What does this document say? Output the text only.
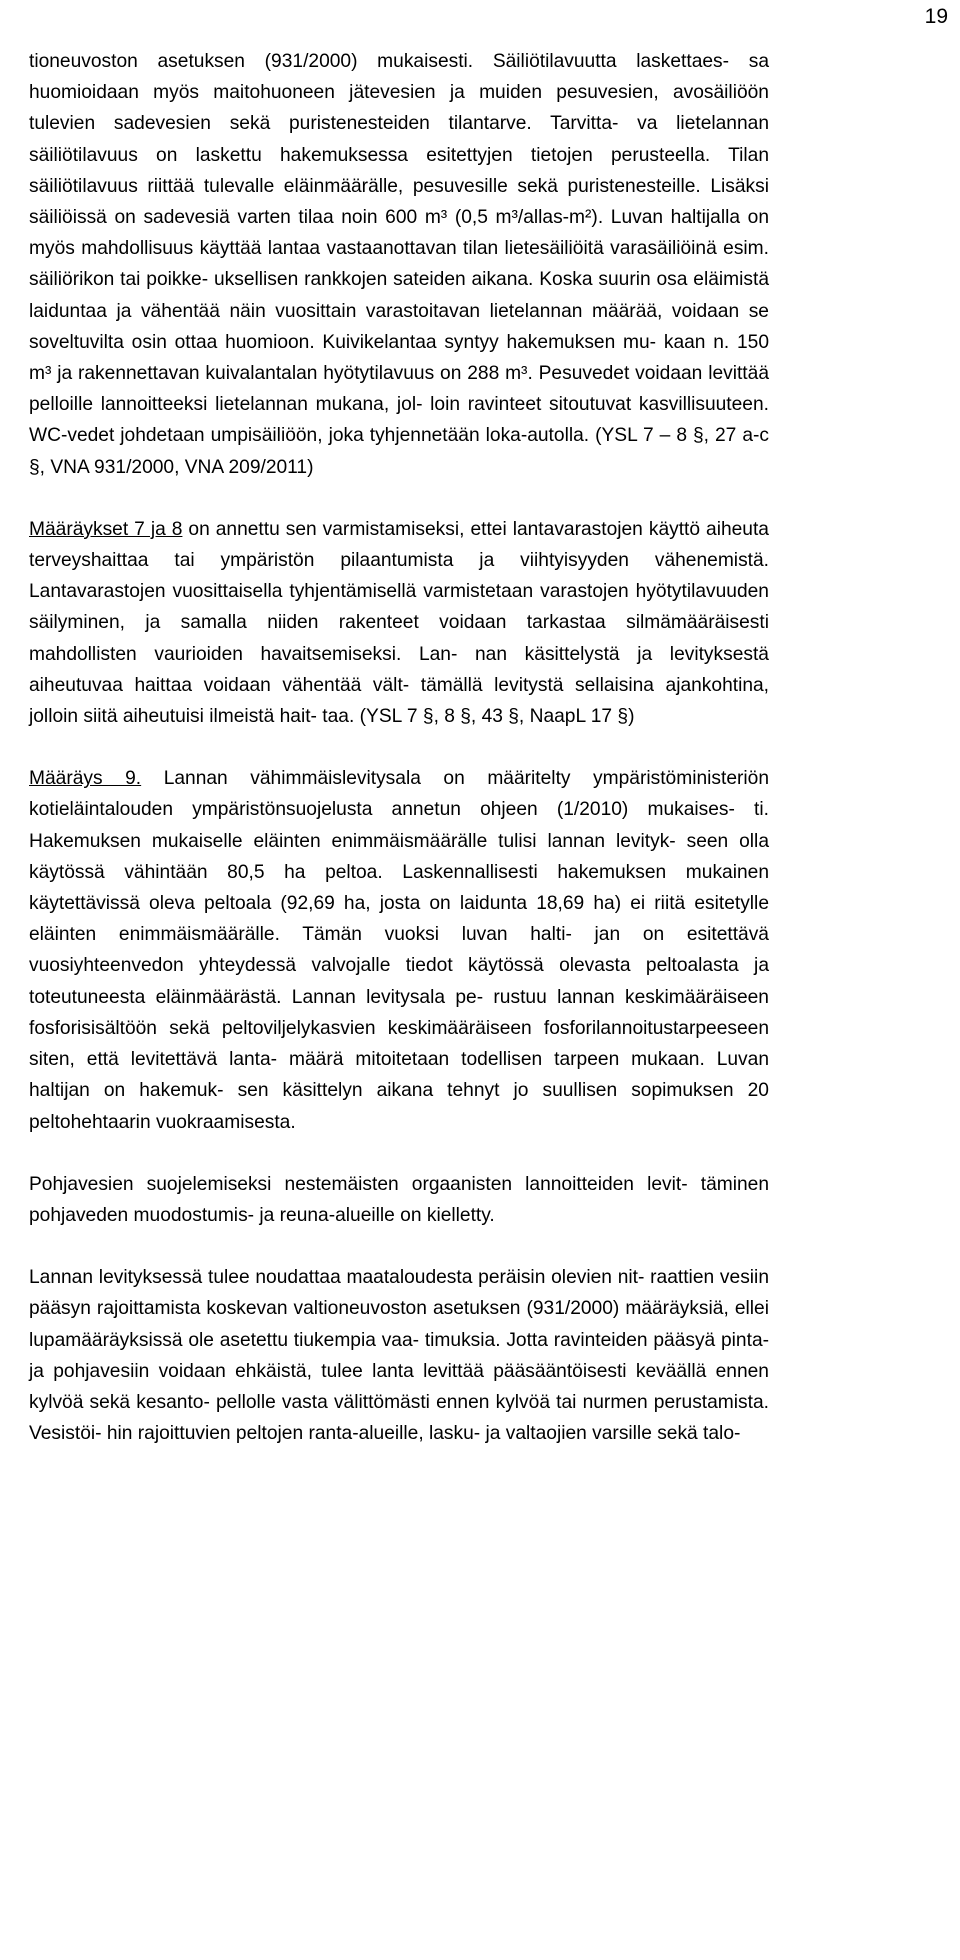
19

tioneuvoston asetuksen (931/2000) mukaisesti. Säiliötilavuutta laskettaes- sa huomioidaan myös maitohuoneen jätevesien ja muiden pesuvesien, avosäiliöön tulevien sadevesien sekä puristenesteiden tilantarve. Tarvitta- va lietelannan säiliötilavuus on laskettu hakemuksessa esitettyjen tietojen perusteella. Tilan säiliötilavuus riittää tulevalle eläinmäärälle, pesuvesille sekä puristenesteille. Lisäksi säiliöissä on sadevesiä varten tilaa noin 600 m³ (0,5 m³/allas-m²). Luvan haltijalla on myös mahdollisuus käyttää lantaa vastaanottavan tilan lietesäiliöitä varasäiliöinä esim. säiliörikon tai poikke- uksellisen rankkojen sateiden aikana. Koska suurin osa eläimistä laiduntaa ja vähentää näin vuosittain varastoitavan lietelannan määrää, voidaan se soveltuvilta osin ottaa huomioon. Kuivikelantaa syntyy hakemuksen mu- kaan n. 150 m³ ja rakennettavan kuivalantalan hyötytilavuus on 288 m³. Pesuvedet voidaan levittää pelloille lannoitteeksi lietelannan mukana, jol- loin ravinteet sitoutuvat kasvillisuuteen. WC-vedet johdetaan umpisäiliöön, joka tyhjennetään loka-autolla. (YSL 7 – 8 §, 27 a-c §, VNA 931/2000, VNA 209/2011)

Määräykset 7 ja 8 on annettu sen varmistamiseksi, ettei lantavarastojen käyttö aiheuta terveyshaittaa tai ympäristön pilaantumista ja viihtyisyyden vähenemistä. Lantavarastojen vuosittaisella tyhjentämisellä varmistetaan varastojen hyötytilavuuden säilyminen, ja samalla niiden rakenteet voidaan tarkastaa silmämääräisesti mahdollisten vaurioiden havaitsemiseksi. Lan- nan käsittelystä ja levityksestä aiheutuvaa haittaa voidaan vähentää vält- tämällä levitystä sellaisina ajankohtina, jolloin siitä aiheutuisi ilmeistä hait- taa. (YSL 7 §, 8 §, 43 §, NaapL 17 §)

Määräys 9. Lannan vähimmäislevitysala on määritelty ympäristöministeriön kotieläintalouden ympäristönsuojelusta annetun ohjeen (1/2010) mukaises- ti. Hakemuksen mukaiselle eläinten enimmäismäärälle tulisi lannan levityk- seen olla käytössä vähintään 80,5 ha peltoa. Laskennallisesti hakemuksen mukainen käytettävissä oleva peltoala (92,69 ha, josta on laidunta 18,69 ha) ei riitä esitetylle eläinten enimmäismäärälle. Tämän vuoksi luvan halti- jan on esitettävä vuosiyhteenvedon yhteydessä valvojalle tiedot käytössä olevasta peltoalasta ja toteutuneesta eläinmäärästä. Lannan levitysala pe- rustuu lannan keskimääräiseen fosforisisältöön sekä peltoviljelykasvien keskimääräiseen fosforilannoitustarpeeseen siten, että levitettävä lanta- määrä mitoitetaan todellisen tarpeen mukaan. Luvan haltijan on hakemuk- sen käsittelyn aikana tehnyt jo suullisen sopimuksen 20 peltohehtaarin vuokraamisesta.

Pohjavesien suojelemiseksi nestemäisten orgaanisten lannoitteiden levit- täminen pohjaveden muodostumis- ja reuna-alueille on kielletty.

Lannan levityksessä tulee noudattaa maataloudesta peräisin olevien nit- raattien vesiin pääsyn rajoittamista koskevan valtioneuvoston asetuksen (931/2000) määräyksiä, ellei lupamääräyksissä ole asetettu tiukempia vaa- timuksia. Jotta ravinteiden pääsyä pinta- ja pohjavesiin voidaan ehkäistä, tulee lanta levittää pääsääntöisesti keväällä ennen kylvöä sekä kesanto- pellolle vasta välittömästi ennen kylvöä tai nurmen perustamista. Vesistöi- hin rajoittuvien peltojen ranta-alueille, lasku- ja valtaojien varsille sekä talo-
